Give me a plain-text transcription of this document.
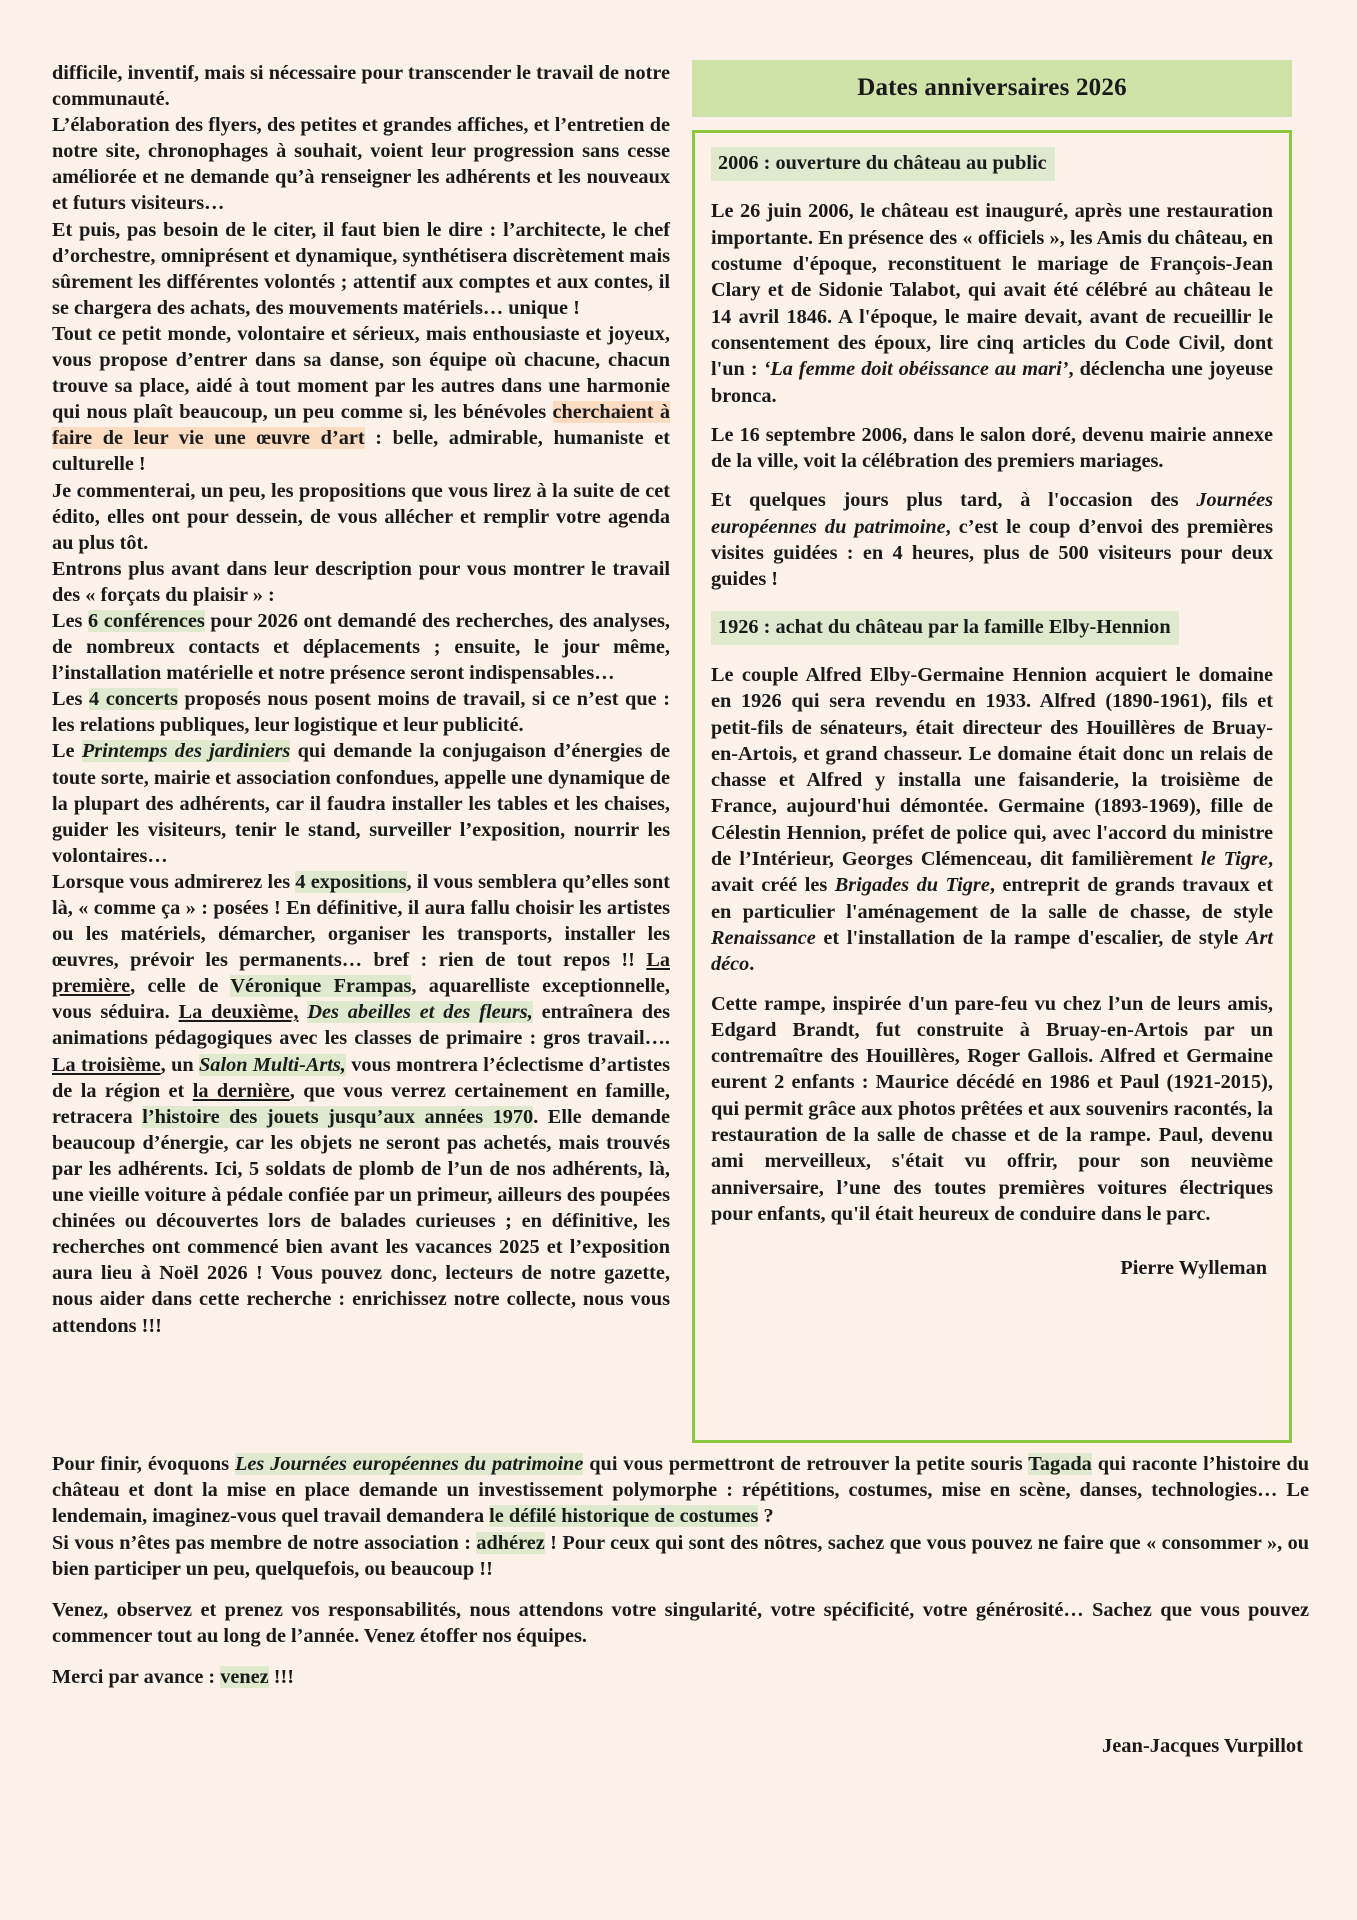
difficile, inventif, mais si nécessaire pour transcender le travail de notre communauté.

L’élaboration des flyers, des petites et grandes affiches, et l’entretien de notre site, chronophages à souhait, voient leur progression sans cesse améliorée et ne demande qu’à renseigner les adhérents et les nouveaux et futurs visiteurs…

Et puis, pas besoin de le citer, il faut bien le dire : l’architecte, le chef d’orchestre, omniprésent et dynamique, synthétisera discrètement mais sûrement les différentes volontés ; attentif aux comptes et aux contes, il se chargera des achats, des mouvements matériels… unique !

Tout ce petit monde, volontaire et sérieux, mais enthousiaste et joyeux, vous propose d’entrer dans sa danse, son équipe où chacune, chacun trouve sa place, aidé à tout moment par les autres dans une harmonie qui nous plaît beaucoup, un peu comme si, les bénévoles cherchaient à faire de leur vie une œuvre d’art : belle, admirable, humaniste et culturelle !

Je commenterai, un peu, les propositions que vous lirez à la suite de cet édito, elles ont pour dessein, de vous allécher et remplir votre agenda au plus tôt.

Entrons plus avant dans leur description pour vous montrer le travail des « forçats du plaisir » :

Les 6 conférences pour 2026 ont demandé des recherches, des analyses, de nombreux contacts et déplacements ; ensuite, le jour même, l’installation matérielle et notre présence seront indispensables…

Les 4 concerts proposés nous posent moins de travail, si ce n’est que : les relations publiques, leur logistique et leur publicité.

Le Printemps des jardiniers qui demande la conjugaison d’énergies de toute sorte, mairie et association confondues, appelle une dynamique de la plupart des adhérents, car il faudra installer les tables et les chaises, guider les visiteurs, tenir le stand, surveiller l’exposition, nourrir les volontaires…

Lorsque vous admirerez les 4 expositions, il vous semblera qu’elles sont là, « comme ça » : posées ! En définitive, il aura fallu choisir les artistes ou les matériels, démarcher, organiser les transports, installer les œuvres, prévoir les permanents… bref : rien de tout repos !! La première, celle de Véronique Frampas, aquarelliste exceptionnelle, vous séduira. La deuxième, Des abeilles et des fleurs, entraînera des animations pédagogiques avec les classes de primaire : gros travail…. La troisième, un Salon Multi-Arts, vous montrera l’éclectisme d’artistes de la région et la dernière, que vous verrez certainement en famille, retracera l’histoire des jouets jusqu’aux années 1970. Elle demande beaucoup d’énergie, car les objets ne seront pas achetés, mais trouvés par les adhérents. Ici, 5 soldats de plomb de l’un de nos adhérents, là, une vieille voiture à pédale confiée par un primeur, ailleurs des poupées chinées ou découvertes lors de balades curieuses ; en définitive, les recherches ont commencé bien avant les vacances 2025 et l’exposition aura lieu à Noël 2026 ! Vous pouvez donc, lecteurs de notre gazette, nous aider dans cette recherche : enrichissez notre collecte, nous vous attendons !!!

Dates anniversaires 2026
2006 : ouverture du château au public

Le 26 juin 2006, le château est inauguré, après une restauration importante. En présence des « officiels », les Amis du château, en costume d'époque, reconstituent le mariage de François-Jean Clary et de Sidonie Talabot, qui avait été célébré au château le 14 avril 1846. A l'époque, le maire devait, avant de recueillir le consentement des époux, lire cinq articles du Code Civil, dont l'un : ‘La femme doit obéissance au mari’, déclencha une joyeuse bronca.

Le 16 septembre 2006, dans le salon doré, devenu mairie annexe de la ville, voit la célébration des premiers mariages.

Et quelques jours plus tard, à l'occasion des Journées européennes du patrimoine, c’est le coup d’envoi des premières visites guidées : en 4 heures, plus de 500 visiteurs pour deux guides !

1926 : achat du château par la famille Elby-Hennion

Le couple Alfred Elby-Germaine Hennion acquiert le domaine en 1926 qui sera revendu en 1933. Alfred (1890-1961), fils et petit-fils de sénateurs, était directeur des Houillères de Bruay-en-Artois, et grand chasseur. Le domaine était donc un relais de chasse et Alfred y installa une faisanderie, la troisième de France, aujourd'hui démontée. Germaine (1893-1969), fille de Célestin Hennion, préfet de police qui, avec l'accord du ministre de l’Intérieur, Georges Clémenceau, dit familièrement le Tigre, avait créé les Brigades du Tigre, entreprit de grands travaux et en particulier l'aménagement de la salle de chasse, de style Renaissance et l'installation de la rampe d'escalier, de style Art déco.

Cette rampe, inspirée d'un pare-feu vu chez l’un de leurs amis, Edgard Brandt, fut construite à Bruay-en-Artois par un contremaître des Houillères, Roger Gallois. Alfred et Germaine eurent 2 enfants : Maurice décédé en 1986 et Paul (1921-2015), qui permit grâce aux photos prêtées et aux souvenirs racontés, la restauration de la salle de chasse et de la rampe. Paul, devenu ami merveilleux, s'était vu offrir, pour son neuvième anniversaire, l’une des toutes premières voitures électriques pour enfants, qu'il était heureux de conduire dans le parc.

Pierre Wylleman

Pour finir, évoquons Les Journées européennes du patrimoine qui vous permettront de retrouver la petite souris Tagada qui raconte l’histoire du château et dont la mise en place demande un investissement polymorphe : répétitions, costumes, mise en scène, danses, technologies… Le lendemain, imaginez-vous quel travail demandera le défilé historique de costumes ?

Si vous n’êtes pas membre de notre association : adhérez ! Pour ceux qui sont des nôtres, sachez que vous pouvez ne faire que « consommer », ou bien participer un peu, quelquefois, ou beaucoup !!

Venez, observez et prenez vos responsabilités, nous attendons votre singularité, votre spécificité, votre générosité… Sachez que vous pouvez commencer tout au long de l’année. Venez étoffer nos équipes.

Merci par avance : venez !!!

Jean-Jacques Vurpillot
